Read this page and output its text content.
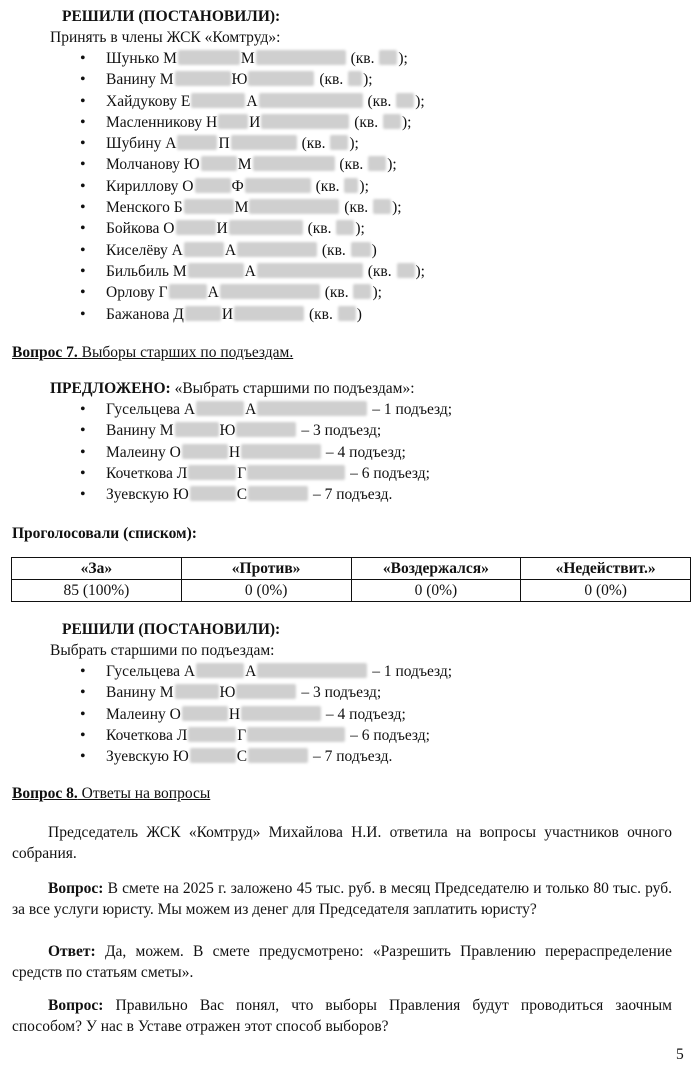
РЕШИЛИ (ПОСТАНОВИЛИ):
Принять в члены ЖСК «Комтруд»:
• Шунько М	М	(кв. );
• Ванину М	Ю	(кв. );
• Хайдукову Е	А	(кв. );
• Масленникову Н И	(кв. );
• Шубину А	П	(кв. );
• Молчанову Ю М	(кв. );
• Кириллову О Ф	(кв. );
• Менского Б	М	(кв. );
• Бойкова О	И	(кв. );
• Киселёву А	А	(кв. )
• Бильбиль М	А	(кв. );
• Орлову Г	А	(кв. );
• Бажанова Д И	(кв. )
Вопрос 7. Выборы старших по подъездам.
ПРЕДЛОЖЕНО: «Выбрать старшими по подъездам»:
• Гусельцева А	А	– 1 подъезд;
• Ванину М	Ю	– 3 подъезд;
• Малеину О	Н	– 4 подъезд;
• Кочеткова Л	Г	– 6 подъезд;
• Зуевскую Ю	С	– 7 подъезд.
Проголосовали (списком):
«За»	«Против»	«Воздержался»	«Недействит.»
85 (100%)	0 (0%)	0 (0%)	0 (0%)
РЕШИЛИ (ПОСТАНОВИЛИ):
Выбрать старшими по подъездам:
• Гусельцева А	А	– 1 подъезд;
• Ванину М	Ю	– 3 подъезд;
• Малеину О	Н	– 4 подъезд;
• Кочеткова Л	Г	– 6 подъезд;
• Зуевскую Ю	С	– 7 подъезд.
Вопрос 8. Ответы на вопросы

Председатель ЖСК «Комтруд» Михайлова Н.И. ответила на вопросы участников очного собрания.

Вопрос: В смете на 2025 г. заложено 45 тыс. руб. в месяц Председателю и только 80 тыс. руб. за все услуги юристу. Мы можем из денег для Председателя заплатить юристу?

Ответ: Да, можем. В смете предусмотрено: «Разрешить Правлению перераспределение средств по статьям сметы».

Вопрос: Правильно Вас понял, что выборы Правления будут проводиться заочным способом? У нас в Уставе отражен этот способ выборов?

5
